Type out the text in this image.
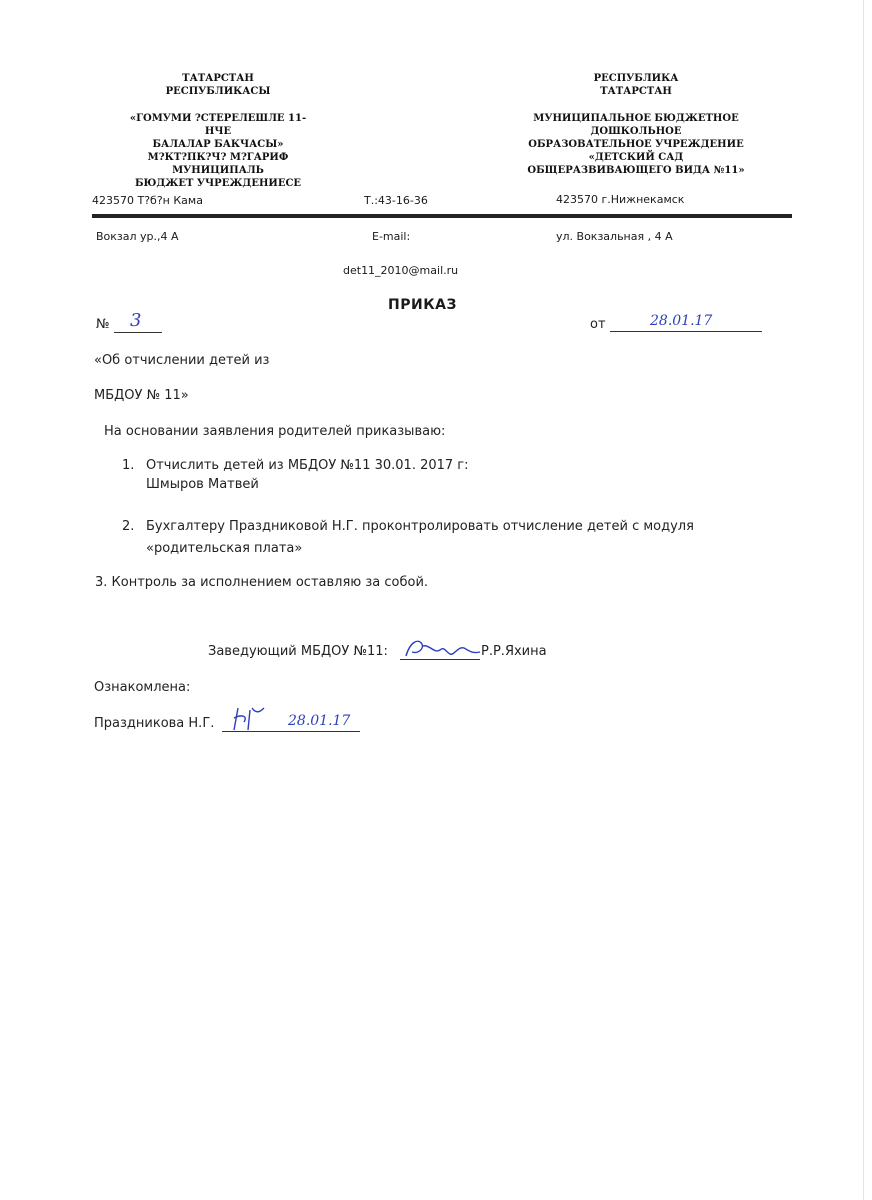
ТАТАРСТАН
РЕСПУБЛИКАСЫ
«ГОМУМИ ?СТЕРЕЛЕШЛЕ 11-НЧЕ
БАЛАЛАР БАКЧАСЫ»
М?КТ?ПК?Ч? М?ГАРИФ
МУНИЦИПАЛЬ
БЮДЖЕТ УЧРЕЖДЕНИЕСЕ
РЕСПУБЛИКА
ТАТАРСТАН
МУНИЦИПАЛЬНОЕ БЮДЖЕТНОЕ
ДОШКОЛЬНОЕ
ОБРАЗОВАТЕЛЬНОЕ УЧРЕЖДЕНИЕ
«ДЕТСКИЙ САД
ОБЩЕРАЗВИВАЮЩЕГО ВИДА №11»
423570 Т?б?н Кама	Т.:43-16-36	423570 г.Нижнекамск
Вокзал ур.,4 А	E-mail:	ул. Вокзальная , 4 А
det11_2010@mail.ru
ПРИКАЗ
№ 3	от	28.01.17
«Об отчислении детей из
МБДОУ № 11»
На основании заявления родителей приказываю:
1. Отчислить детей из МБДОУ №11 30.01. 2017 г:
Шмыров Матвей
2. Бухгалтеру Праздниковой Н.Г. проконтролировать отчисление детей с модуля
«родительская плата»
3. Контроль за исполнением оставляю за собой.
Заведующий МБДОУ №11:	Р.Р.Яхина
Ознакомлена:
Праздникова Н.Г.	28.01.17
